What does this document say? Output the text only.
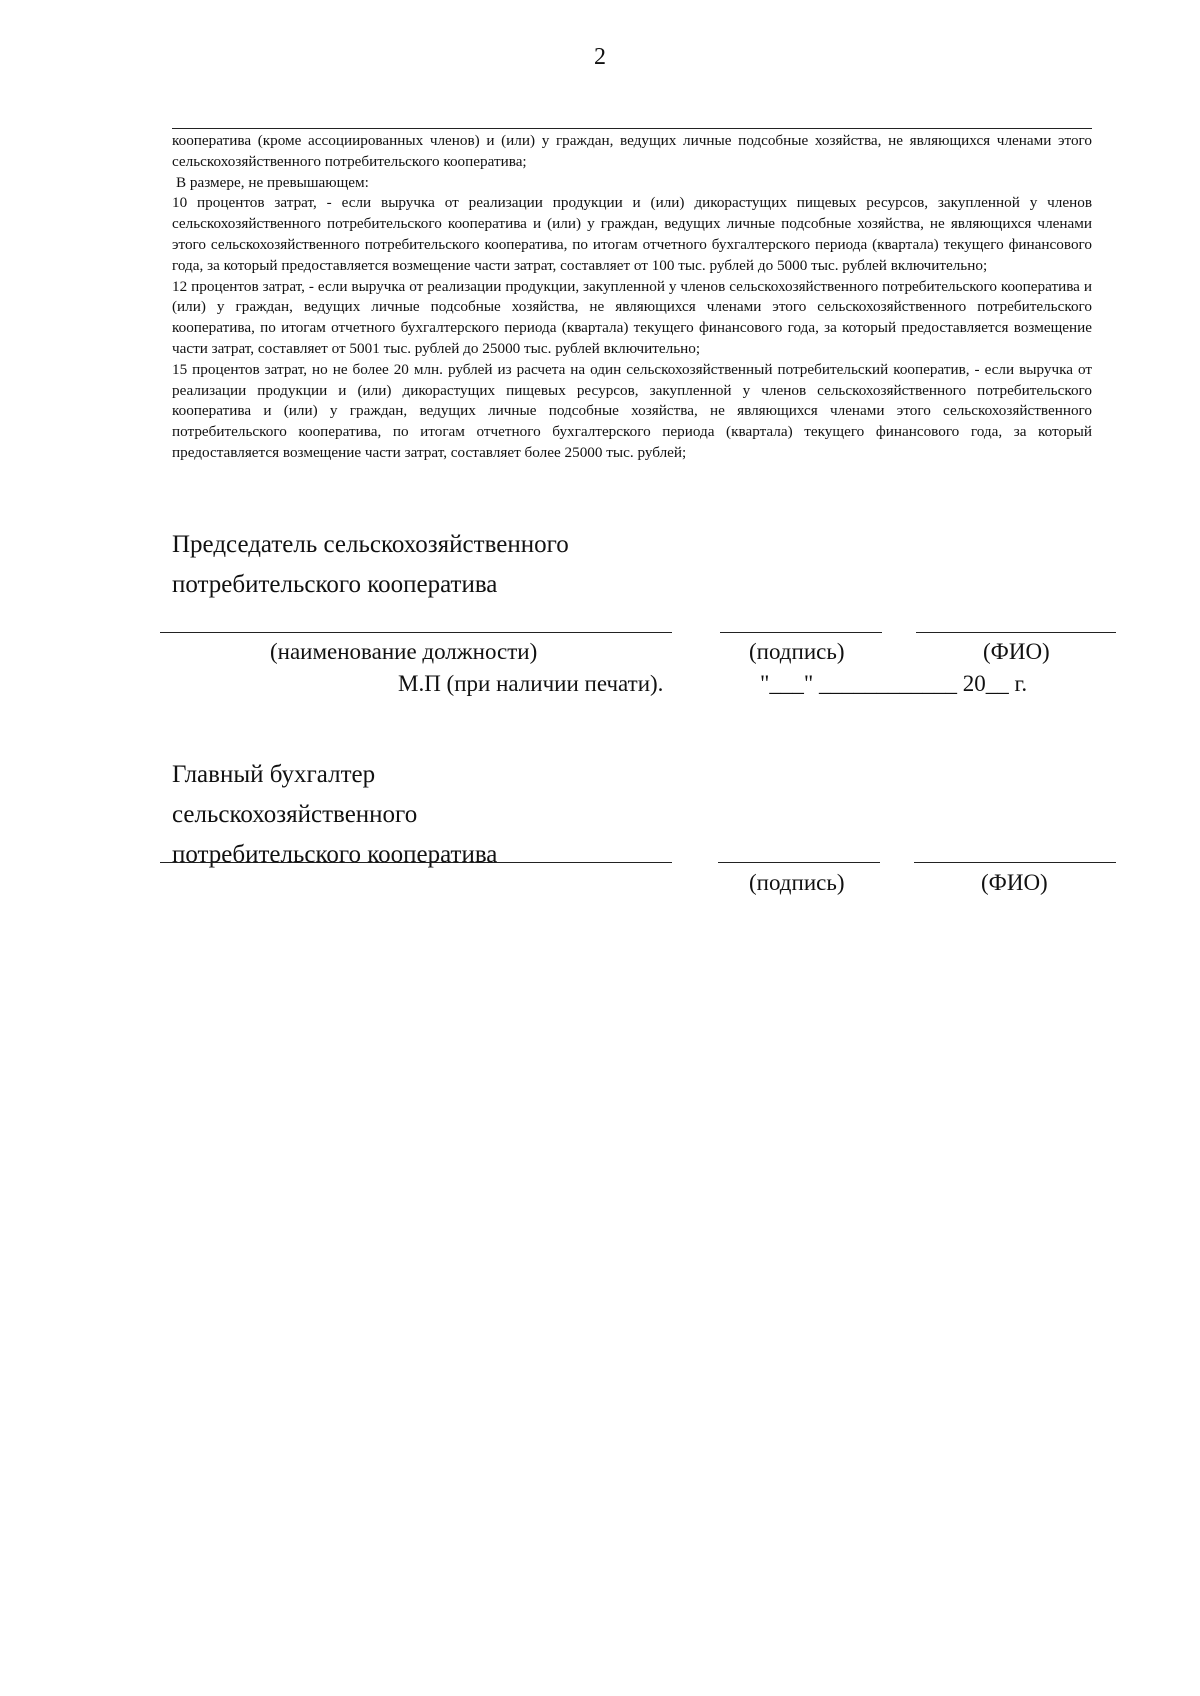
2

кооператива (кроме ассоциированных членов) и (или) у граждан, ведущих личные подсобные хозяйства, не являющихся членами этого сельскохозяйственного потребительского кооператива;

В размере, не превышающем:

10 процентов затрат, - если выручка от реализации продукции и (или) дикорастущих пищевых ресурсов, закупленной у членов сельскохозяйственного потребительского кооператива и (или) у граждан, ведущих личные подсобные хозяйства, не являющихся членами этого сельскохозяйственного потребительского кооператива, по итогам отчетного бухгалтерского периода (квартала) текущего финансового года, за который предоставляется возмещение части затрат, составляет от 100 тыс. рублей до 5000 тыс. рублей включительно;

12 процентов затрат, - если выручка от реализации продукции, закупленной у членов сельскохозяйственного потребительского кооператива и (или) у граждан, ведущих личные подсобные хозяйства, не являющихся членами этого сельскохозяйственного потребительского кооператива, по итогам отчетного бухгалтерского периода (квартала) текущего финансового года, за который предоставляется возмещение части затрат, составляет от 5001 тыс. рублей до 25000 тыс. рублей включительно;

15 процентов затрат, но не более 20 млн. рублей из расчета на один сельскохозяйственный потребительский кооператив, - если выручка от реализации продукции и (или) дикорастущих пищевых ресурсов, закупленной у членов сельскохозяйственного потребительского кооператива и (или) у граждан, ведущих личные подсобные хозяйства, не являющихся членами этого сельскохозяйственного потребительского кооператива, по итогам отчетного бухгалтерского периода (квартала) текущего финансового года, за который предоставляется возмещение части затрат, составляет более 25000 тыс. рублей;

Председатель сельскохозяйственного
потребительского кооператива
(наименование должности)	(подпись)	(ФИО)
М.П (при наличии печати).	"___" ____________ 20__ г.
Главный бухгалтер
сельскохозяйственного
потребительского кооператива
(подпись)	(ФИО)
